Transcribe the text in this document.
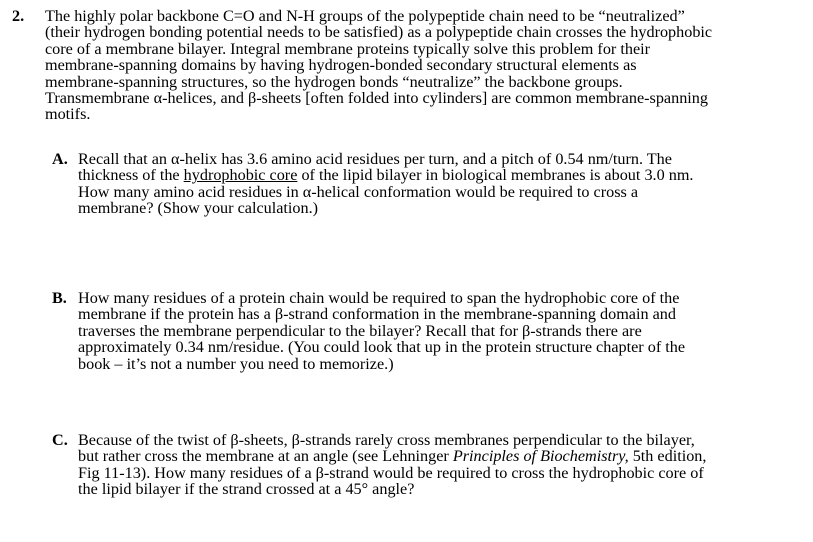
2. The highly polar backbone C=O and N-H groups of the polypeptide chain need to be “neutralized”
(their hydrogen bonding potential needs to be satisfied) as a polypeptide chain crosses the hydrophobic
core of a membrane bilayer. Integral membrane proteins typically solve this problem for their
membrane-spanning domains by having hydrogen-bonded secondary structural elements as
membrane-spanning structures, so the hydrogen bonds “neutralize” the backbone groups.
Transmembrane α-helices, and β-sheets [often folded into cylinders] are common membrane-spanning
motifs.
A. Recall that an α-helix has 3.6 amino acid residues per turn, and a pitch of 0.54 nm/turn. The
thickness of the hydrophobic core of the lipid bilayer in biological membranes is about 3.0 nm.
How many amino acid residues in α-helical conformation would be required to cross a
membrane? (Show your calculation.)
B. How many residues of a protein chain would be required to span the hydrophobic core of the
membrane if the protein has a β-strand conformation in the membrane-spanning domain and
traverses the membrane perpendicular to the bilayer? Recall that for β-strands there are
approximately 0.34 nm/residue. (You could look that up in the protein structure chapter of the
book – it’s not a number you need to memorize.)
C. Because of the twist of β-sheets, β-strands rarely cross membranes perpendicular to the bilayer,
but rather cross the membrane at an angle (see Lehninger Principles of Biochemistry, 5th edition,
Fig 11-13). How many residues of a β-strand would be required to cross the hydrophobic core of
the lipid bilayer if the strand crossed at a 45° angle?
